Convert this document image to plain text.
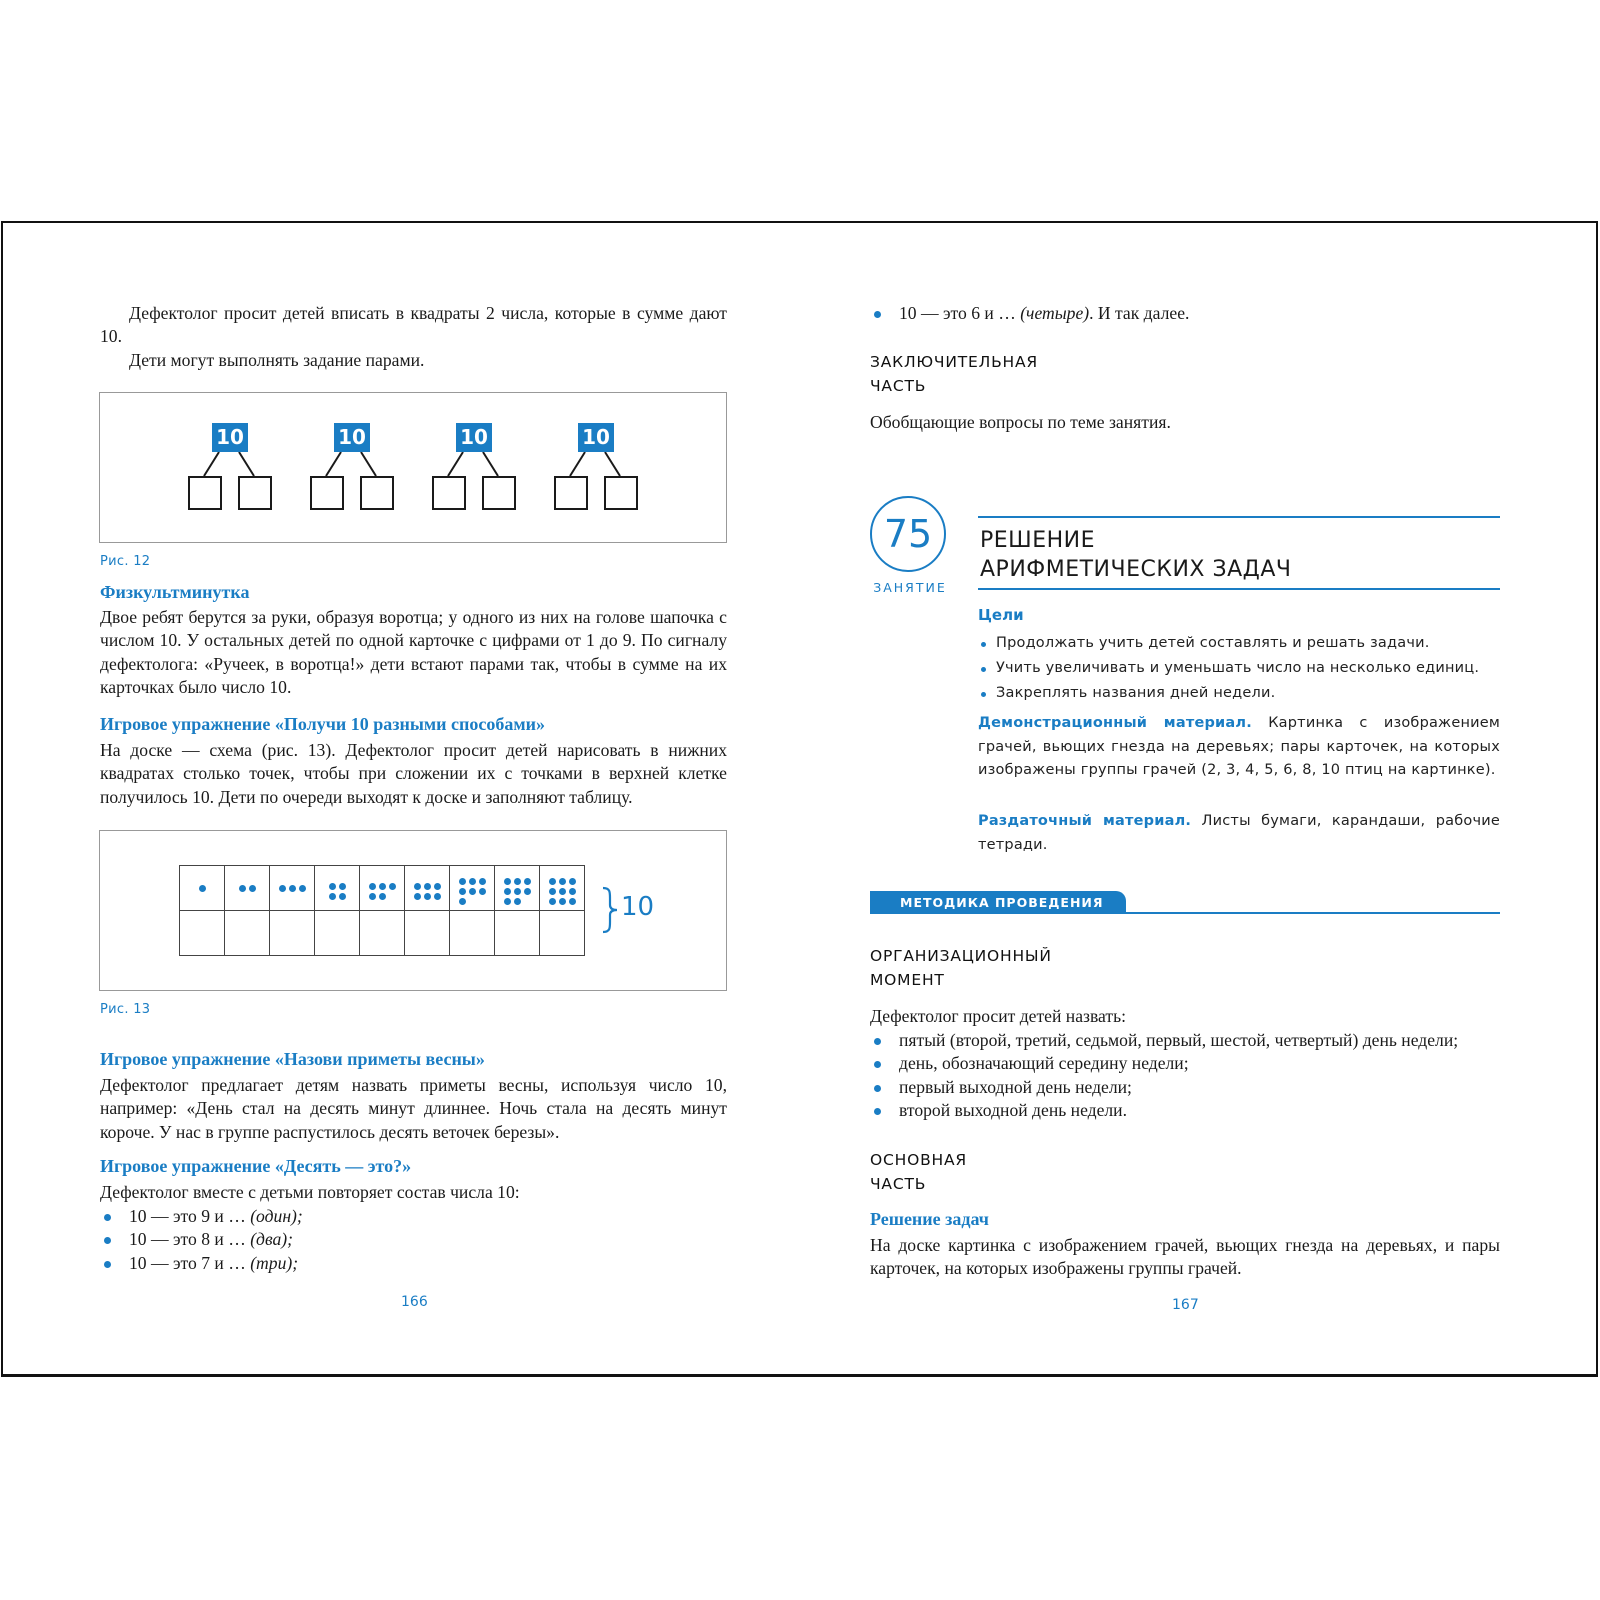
Дефектолог просит детей вписать в квадраты 2 числа, которые в сумме дают 10.

Дети могут выполнять задание парами.

10	10	10	10
Рис. 12
Физкультминутка

Двое ребят берутся за руки, образуя воротца; у одного из них на голове шапочка с числом 10. У остальных детей по одной карточке с цифрами от 1 до 9. По сигналу дефектолога: «Ручеек, в воротца!» дети встают парами так, чтобы в сумме на их карточках было число 10.

Игровое упражнение «Получи 10 разными способами»

На доске — схема (рис. 13). Дефектолог просит детей нарисовать в нижних квадратах столько точек, чтобы при сложении их с точками в верхней клетке получилось 10. Дети по очереди выходят к доске и заполняют таблицу.

10
Рис. 13
Игровое упражнение «Назови приметы весны»

Дефектолог предлагает детям назвать приметы весны, используя число 10, например: «День стал на десять минут длиннее. Ночь стала на десять минут короче. У нас в группе распустилось десять веточек березы».

Игровое упражнение «Десять — это?»

Дефектолог вместе с детьми повторяет состав числа 10:

10 — это 9 и … (один);
10 — это 8 и … (два);
10 — это 7 и … (три);
166
10 — это 6 и … (четыре). И так далее.
ЗАКЛЮЧИТЕЛЬНАЯ
ЧАСТЬ

Обобщающие вопросы по теме занятия.

75
ЗАНЯТИЕ
РЕШЕНИЕ
АРИФМЕТИЧЕСКИХ ЗАДАЧ
Цели
Продолжать учить детей составлять и решать задачи.
Учить увеличивать и уменьшать число на несколько единиц.
Закреплять названия дней недели.

Демонстрационный материал. Картинка с изображением грачей, вьющих гнезда на деревьях; пары карточек, на которых изображены группы грачей (2, 3, 4, 5, 6, 8, 10 птиц на картинке).

Раздаточный материал. Листы бумаги, карандаши, рабочие тетради.

МЕТОДИКА ПРОВЕДЕНИЯ
ОРГАНИЗАЦИОННЫЙ
МОМЕНТ

Дефектолог просит детей назвать:

пятый (второй, третий, седьмой, первый, шестой, четвертый) день недели;
день, обозначающий середину недели;
первый выходной день недели;
второй выходной день недели.
ОСНОВНАЯ
ЧАСТЬ
Решение задач

На доске картинка с изображением грачей, вьющих гнезда на деревьях, и пары карточек, на которых изображены группы грачей.

167
